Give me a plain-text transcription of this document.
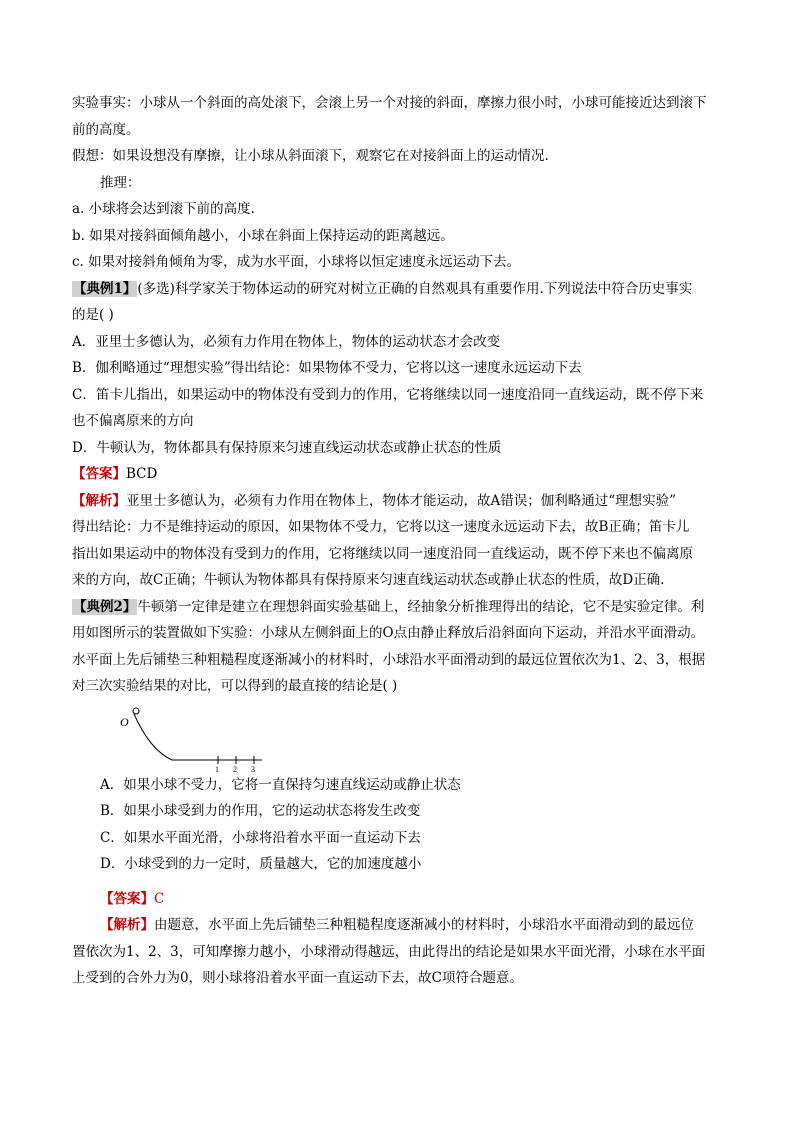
实验事实：小球从一个斜面的高处滚下，会滚上另一个对接的斜面，摩擦力很小时，小球可能接近达到滚下

前的高度。

假想：如果设想没有摩擦，让小球从斜面滚下，观察它在对接斜面上的运动情况.

推理：

a. 小球将会达到滚下前的高度.

b. 如果对接斜面倾角越小，小球在斜面上保持运动的距离越远。

c. 如果对接斜角倾角为零，成为水平面，小球将以恒定速度永远运动下去。

【典例1】(多选)科学家关于物体运动的研究对树立正确的自然观具有重要作用.下列说法中符合历史事实

的是( )

A．亚里士多德认为，必须有力作用在物体上，物体的运动状态才会改变

B．伽利略通过“理想实验”得出结论：如果物体不受力，它将以这一速度永远运动下去

C．笛卡儿指出，如果运动中的物体没有受到力的作用，它将继续以同一速度沿同一直线运动，既不停下来

也不偏离原来的方向

D．牛顿认为，物体都具有保持原来匀速直线运动状态或静止状态的性质

【答案】BCD

【解析】亚里士多德认为，必须有力作用在物体上，物体才能运动，故A错误；伽利略通过“理想实验”

得出结论：力不是维持运动的原因，如果物体不受力，它将以这一速度永远运动下去，故B正确；笛卡儿

指出如果运动中的物体没有受到力的作用，它将继续以同一速度沿同一直线运动，既不停下来也不偏离原

来的方向，故C正确；牛顿认为物体都具有保持原来匀速直线运动状态或静止状态的性质，故D正确.

【典例2】牛顿第一定律是建立在理想斜面实验基础上，经抽象分析推理得出的结论，它不是实验定律。利

用如图所示的装置做如下实验：小球从左侧斜面上的O点由静止释放后沿斜面向下运动，并沿水平面滑动。

水平面上先后铺垫三种粗糙程度逐渐减小的材料时，小球沿水平面滑动到的最远位置依次为1、2、3，根据

对三次实验结果的对比，可以得到的最直接的结论是( )

O
1 2 3

A．如果小球不受力，它将一直保持匀速直线运动或静止状态

B．如果小球受到力的作用，它的运动状态将发生改变

C．如果水平面光滑，小球将沿着水平面一直运动下去

D．小球受到的力一定时，质量越大，它的加速度越小

【答案】C

【解析】由题意，水平面上先后铺垫三种粗糙程度逐渐减小的材料时，小球沿水平面滑动到的最远位

置依次为1、2、3，可知摩擦力越小，小球滑动得越远，由此得出的结论是如果水平面光滑，小球在水平面

上受到的合外力为0，则小球将沿着水平面一直运动下去，故C项符合题意。
